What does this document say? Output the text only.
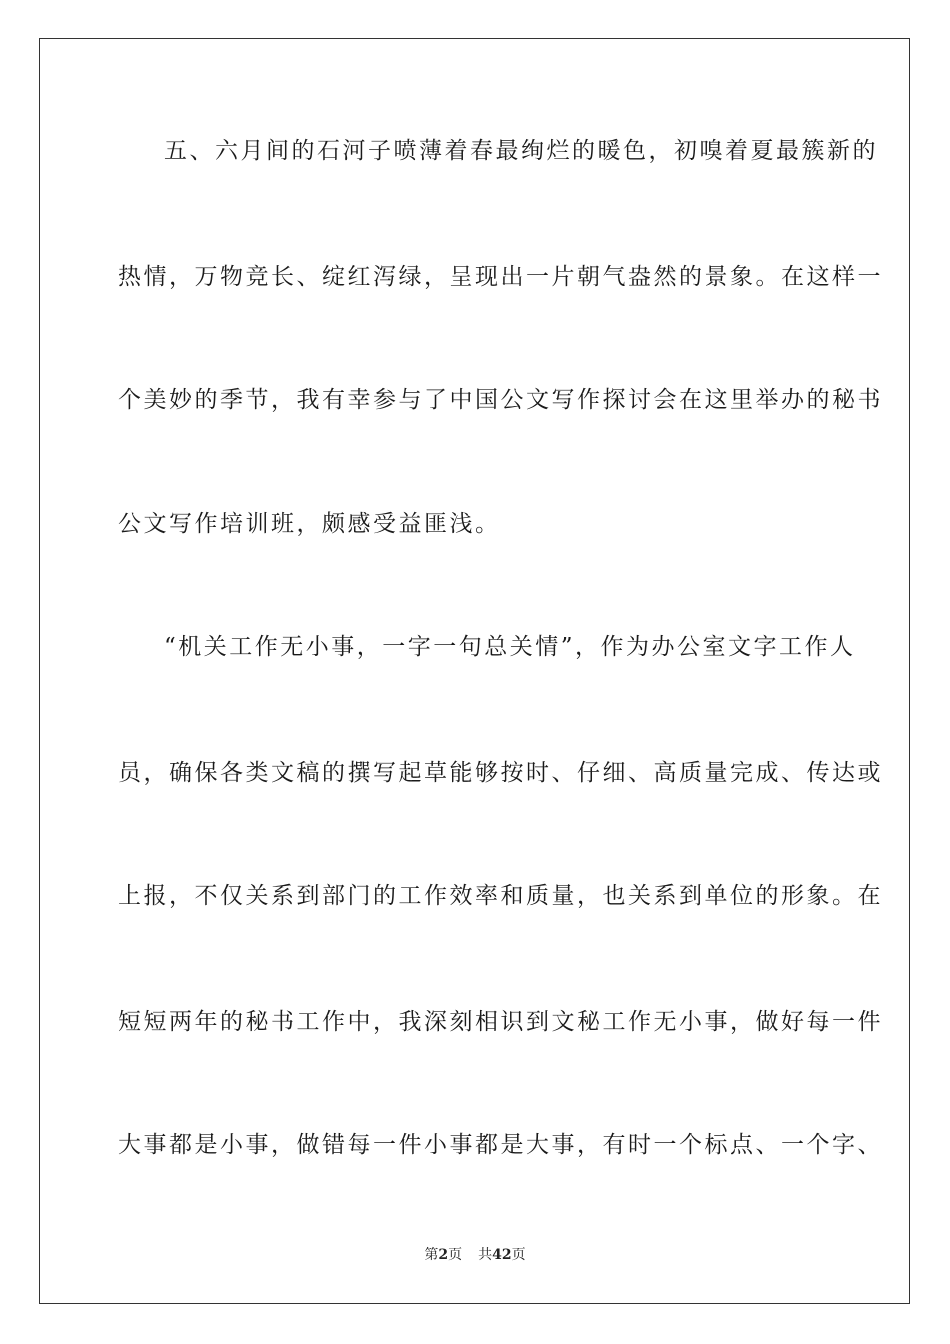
五、六月间的石河子喷薄着春最绚烂的暖色，初嗅着夏最簇新的
热情，万物竞长、绽红泻绿，呈现出一片朝气盎然的景象。在这样一
个美妙的季节，我有幸参与了中国公文写作探讨会在这里举办的秘书
公文写作培训班，颇感受益匪浅。
“机关工作无小事，一字一句总关情”，作为办公室文字工作人
员，确保各类文稿的撰写起草能够按时、仔细、高质量完成、传达或
上报，不仅关系到部门的工作效率和质量，也关系到单位的形象。在
短短两年的秘书工作中，我深刻相识到文秘工作无小事，做好每一件
大事都是小事，做错每一件小事都是大事，有时一个标点、一个字、
第2页 共42页
